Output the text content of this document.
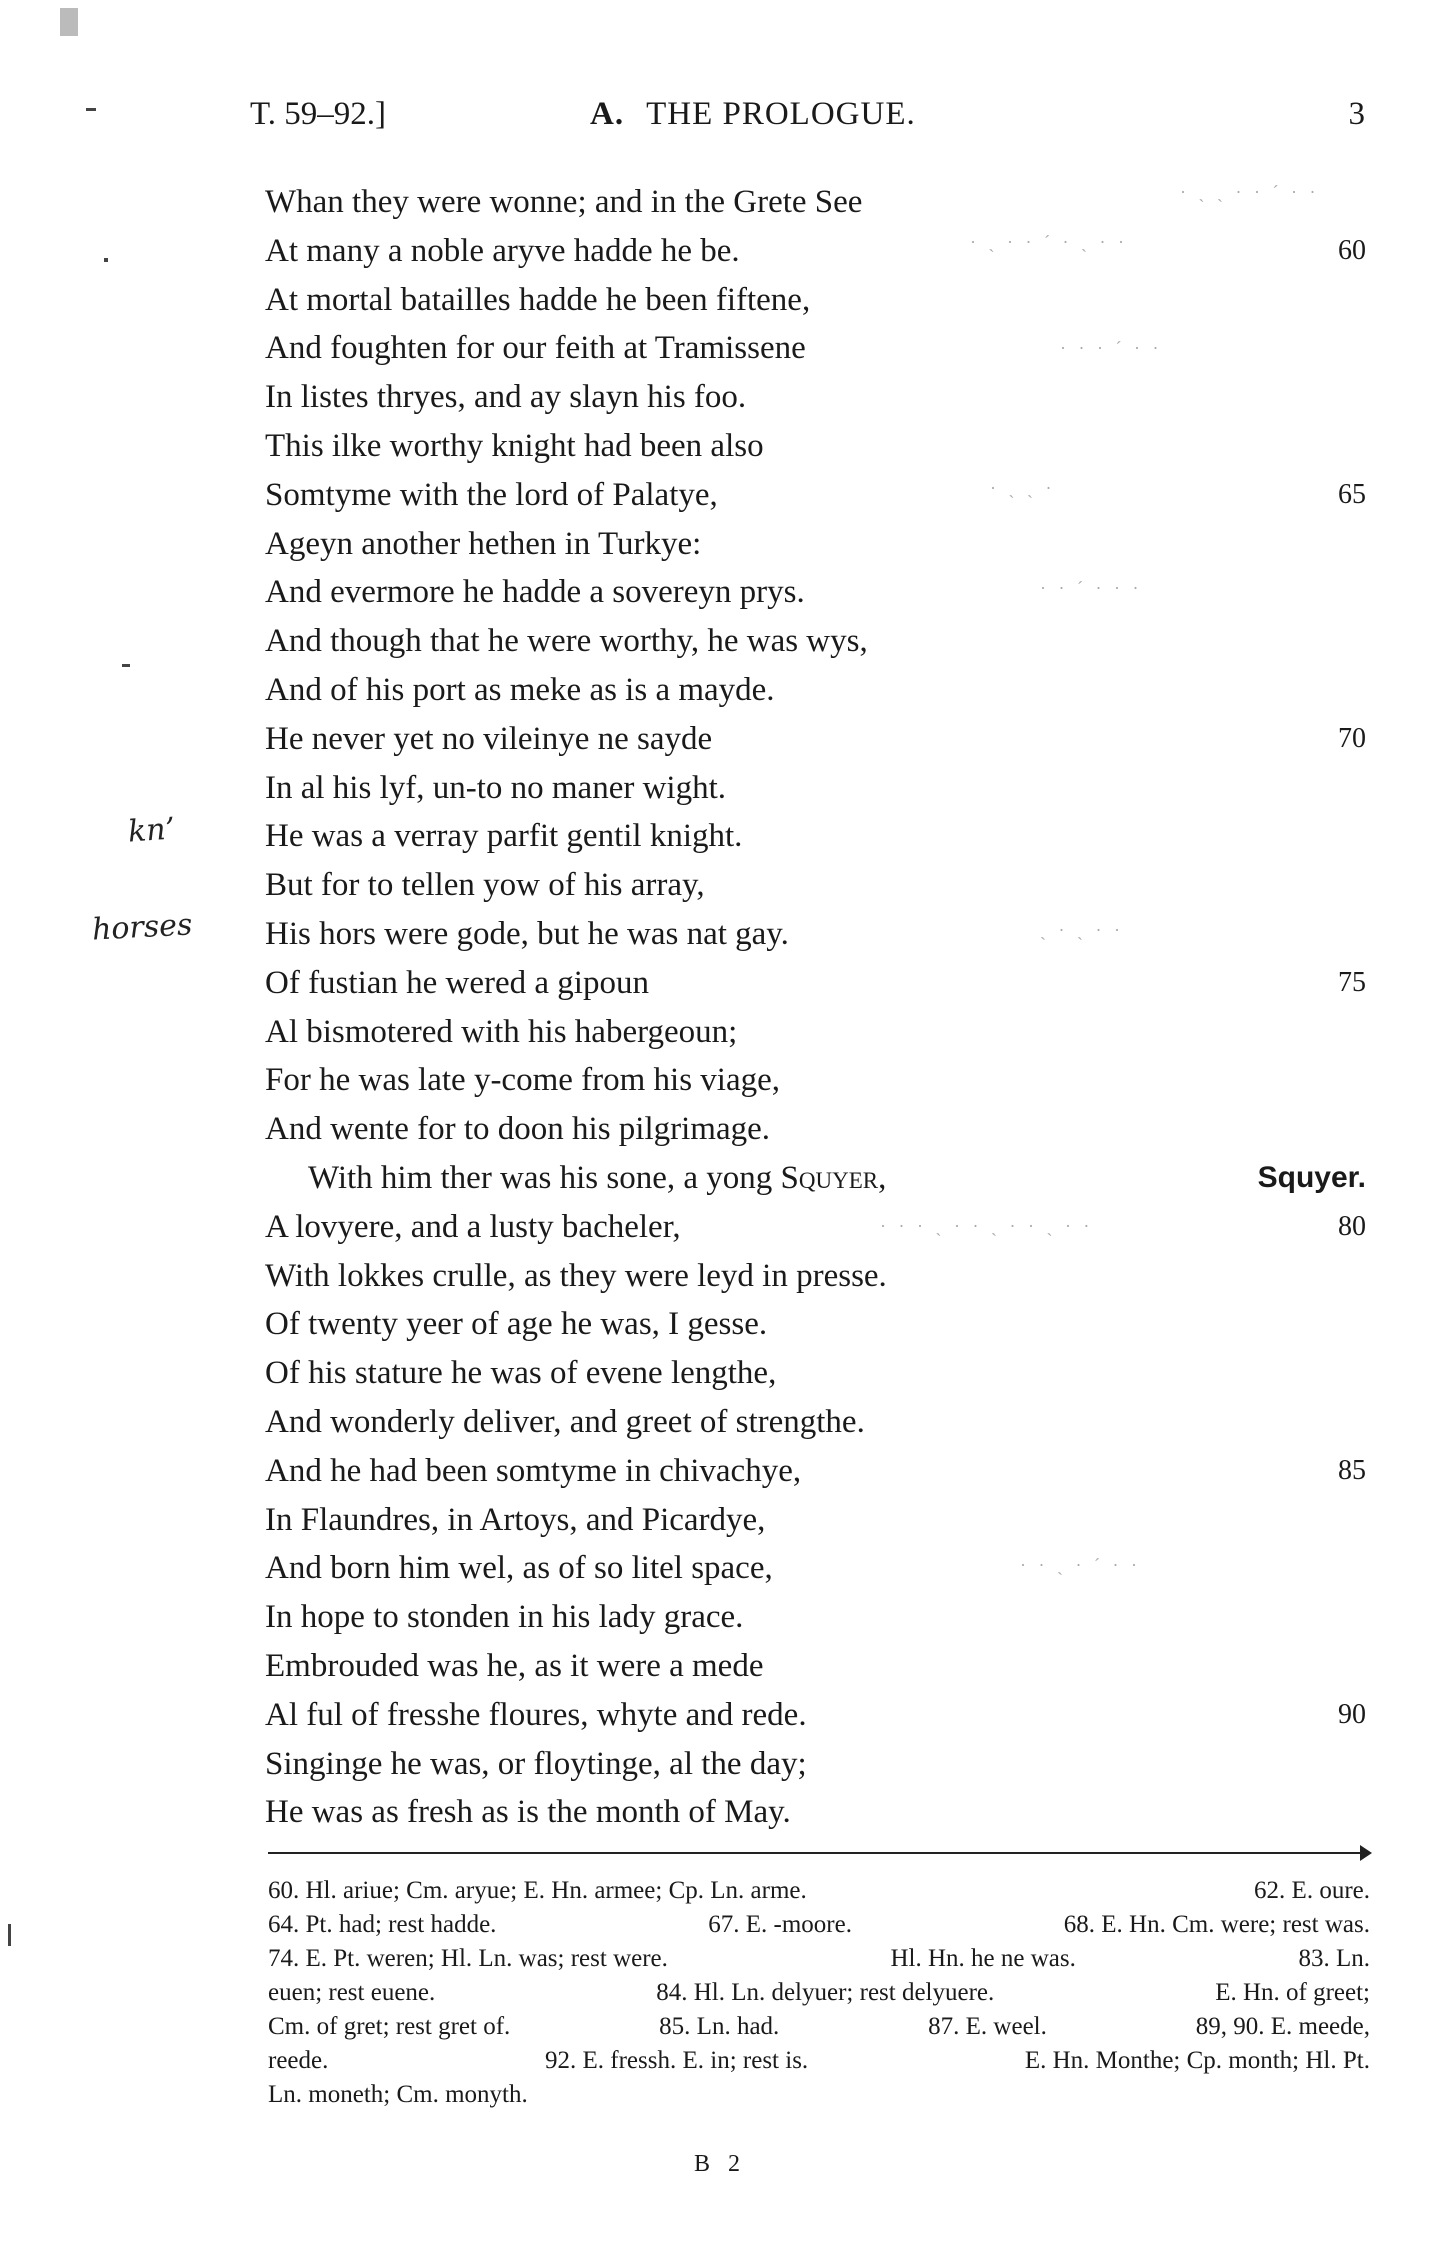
T. 59–92.]	A. THE PROLOGUE.	3
Whan they were wonne; and in the Grete See
At many a noble aryve hadde he be.	60
At mortal batailles hadde he been fiftene,
And foughten for our feith at Tramissene
In listes thryes, and ay slayn his foo.
This ilke worthy knight had been also
Somtyme with the lord of Palatye,	65
Ageyn another hethen in Turkye:
And evermore he hadde a sovereyn prys.
And though that he were worthy, he was wys,
And of his port as meke as is a mayde.
He never yet no vileinye ne sayde	70
In al his lyf, un-to no maner wight.
He was a verray parfit gentil knight.
But for to tellen yow of his array,
His hors were gode, but he was nat gay.
Of fustian he wered a gipoun	75
Al bismotered with his habergeoun;
For he was late y-come from his viage,
And wente for to doon his pilgrimage.
With him ther was his sone, a yong Squyer,	Squyer.
A lovyere, and a lusty bacheler,	80
With lokkes crulle, as they were leyd in presse.
Of twenty yeer of age he was, I gesse.
Of his stature he was of evene lengthe,
And wonderly deliver, and greet of strengthe.
And he had been somtyme in chivachye,	85
In Flaundres, in Artoys, and Picardye,
And born him wel, as of so litel space,
In hope to stonden in his lady grace.
Embrouded was he, as it were a mede
Al ful of fresshe floures, whyte and rede.	90
Singinge he was, or floytinge, al the day;
He was as fresh as is the month of May.
kn’
horses
· ˏ ˎ · · ˊ · ·
· ˎ · · ˊ · ˏ · ·
· · · ˊ · ·
· ˏ ˎ ·
· · ˊ · · ·
ˏ · ˎ · ·
· · · ˏ · · ˎ · · ˏ · ·
· · ˎ · ˊ · ·
60. Hl. ariue; Cm. aryue; E. Hn. armee; Cp. Ln. arme.	62. E. oure.
64. Pt. had; rest hadde.	67. E. -moore.	68. E. Hn. Cm. were; rest was.
74. E. Pt. weren; Hl. Ln. was; rest were.	Hl. Hn. he ne was.	83. Ln.
euen; rest euene.	84. Hl. Ln. delyuer; rest delyuere.	E. Hn. of greet;
Cm. of gret; rest gret of.	85. Ln. had.	87. E. weel.	89, 90. E. meede,
reede.	92. E. fressh. E. in; rest is.	E. Hn. Monthe; Cp. month; Hl. Pt.
Ln. moneth; Cm. monyth.
B 2
